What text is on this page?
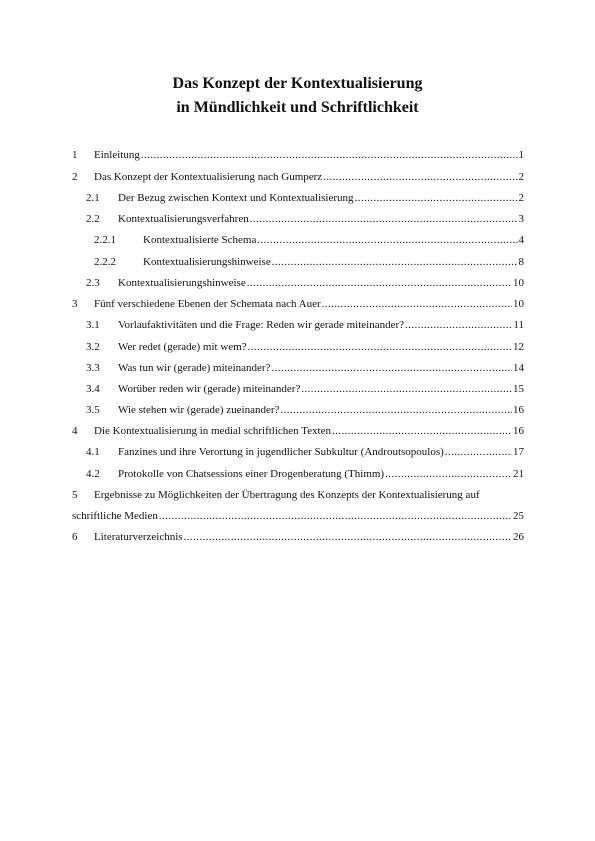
Das Konzept der Kontextualisierung
in Mündlichkeit und Schriftlichkeit
1	Einleitung .....	1
2	Das Konzept der Kontextualisierung nach Gumperz .....	2
2.1	Der Bezug zwischen Kontext und Kontextualisierung .....	2
2.2	Kontextualisierungsverfahren .....	3
2.2.1	Kontextualisierte Schema .....	4
2.2.2	Kontextualisierungshinweise .....	8
2.3	Kontextualisierungshinweise .....	10
3	Fünf verschiedene Ebenen der Schemata nach Auer .....	10
3.1	Vorlaufaktivitäten und die Frage: Reden wir gerade miteinander? .....	11
3.2	Wer redet (gerade) mit wem? .....	12
3.3	Was tun wir (gerade) miteinander? .....	14
3.4	Worüber reden wir (gerade) miteinander? .....	15
3.5	Wie stehen wir (gerade) zueinander? .....	16
4	Die Kontextualisierung in medial schriftlichen Texten .....	16
4.1	Fanzines und ihre Verortung in jugendlicher Subkultur (Androutsopoulos) .....	17
4.2	Protokolle von Chatsessions einer Drogenberatung (Thimm) .....	21
5 Ergebnisse zu Möglichkeiten der Übertragung des Konzepts der Kontextualisierung auf
schriftliche Medien .....	25
6	Literaturverzeichnis .....	26
